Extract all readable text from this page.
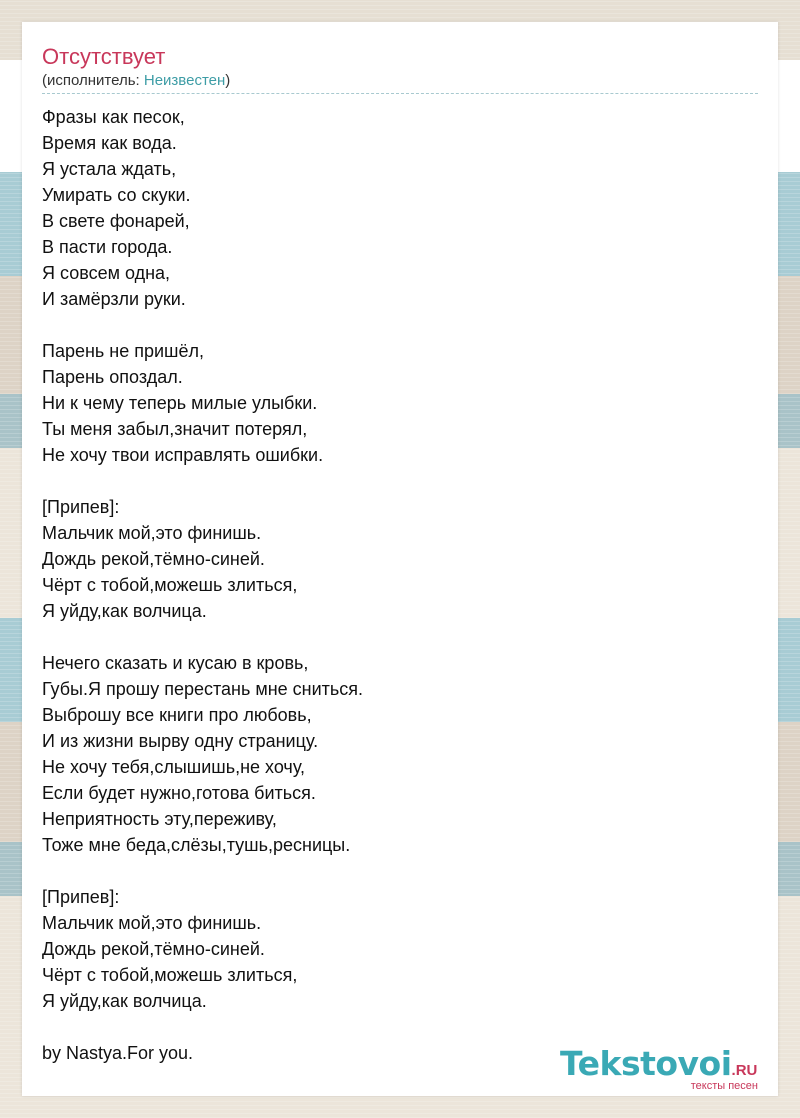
Отсутствует
(исполнитель: Неизвестен)
Фразы как песок,
Время как вода.
Я устала ждать,
Умирать со скуки.
В свете фонарей,
В пасти города.
Я совсем одна,
И замёрзли руки.
Парень не пришёл,
Парень опоздал.
Ни к чему теперь милые улыбки.
Ты меня забыл,значит потерял,
Не хочу твои исправлять ошибки.
[Припев]:
Мальчик мой,это финишь.
Дождь рекой,тёмно-синей.
Чёрт с тобой,можешь злиться,
Я уйду,как волчица.
Нечего сказать и кусаю в кровь,
Губы.Я прошу перестань мне сниться.
Выброшу все книги про любовь,
И из жизни вырву одну страницу.
Не хочу тебя,слышишь,не хочу,
Если будет нужно,готова биться.
Неприятность эту,переживу,
Тоже мне беда,слёзы,тушь,ресницы.
[Припев]:
Мальчик мой,это финишь.
Дождь рекой,тёмно-синей.
Чёрт с тобой,можешь злиться,
Я уйду,как волчица.
by Nastya.For you.	Tekstovoi.RU
тексты песен
